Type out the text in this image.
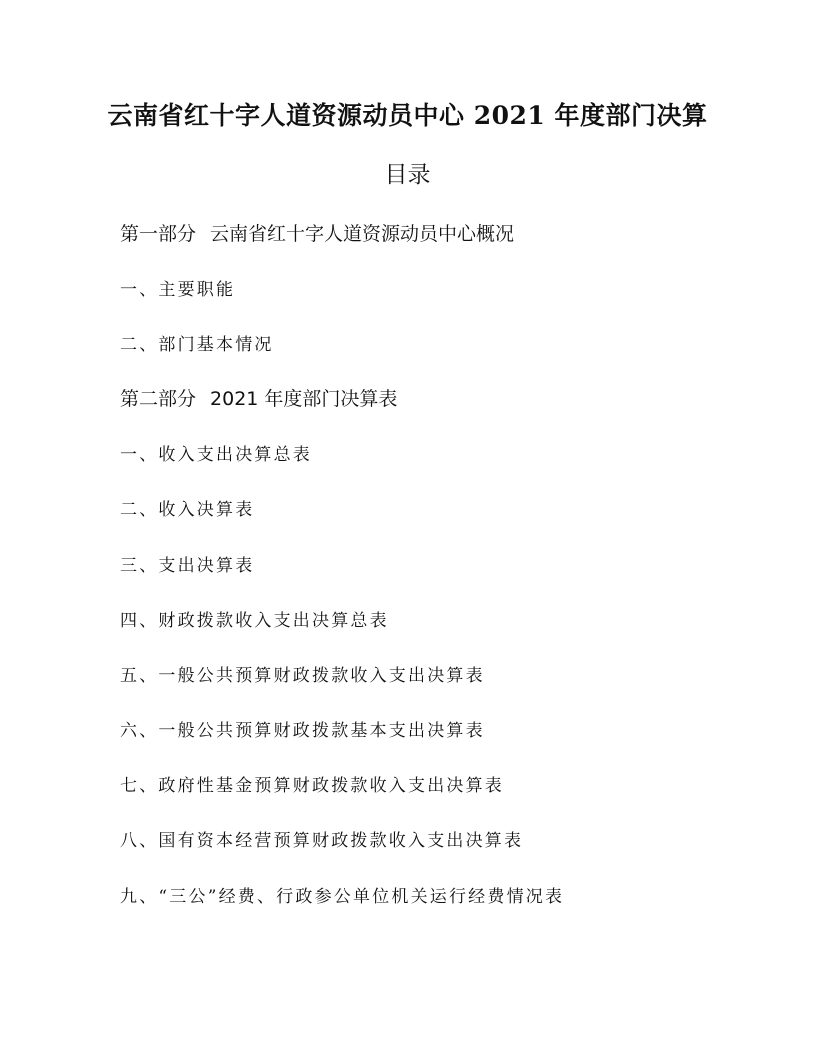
云南省红十字人道资源动员中心 2021 年度部门决算
目录
第一部分 云南省红十字人道资源动员中心概况
一、主要职能
二、部门基本情况
第二部分 2021 年度部门决算表
一、收入支出决算总表
二、收入决算表
三、支出决算表
四、财政拨款收入支出决算总表
五、一般公共预算财政拨款收入支出决算表
六、一般公共预算财政拨款基本支出决算表
七、政府性基金预算财政拨款收入支出决算表
八、国有资本经营预算财政拨款收入支出决算表
九、“三公”经费、行政参公单位机关运行经费情况表
